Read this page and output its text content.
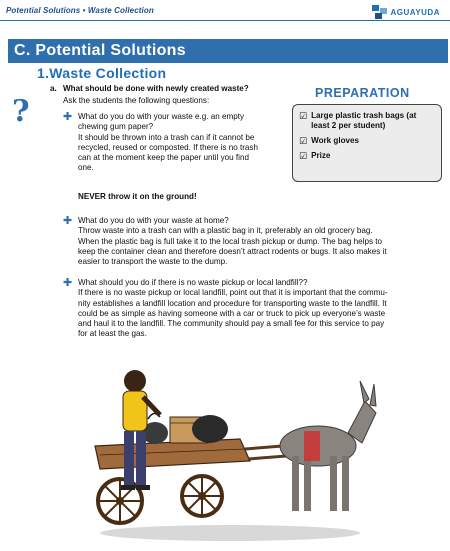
Potential Solutions • Waste Collection	AGUAYUDA
C. Potential Solutions
1.Waste Collection
?
a. What should be done with newly created waste?
Ask the students the following questions:
✚ What do you do with your waste e.g. an empty
chewing gum paper?
It should be thrown into a trash can if it cannot be
recycled, reused or composted. If there is no trash
can at the moment keep the paper until you find
one.
NEVER throw it on the ground!
✚ What do you do with your waste at home?
Throw waste into a trash can with a plastic bag in it, preferably an old grocery bag.
When the plastic bag is full take it to the local trash pickup or dump. The bag helps to
keep the container clean and therefore doesn’t attract rodents or bugs. It also makes it
easier to transport the waste to the dump.
✚ What should you do if there is no waste pickup or local landfill??
If there is no waste pickup or local landfill, point out that it is important that the commu-
nity establishes a landfill location and procedure for transporting waste to the landfill. It
could be as simple as having someone with a car or truck to pick up everyone’s waste
and haul it to the landfill. The community should pay a small fee for this service to pay
for at least the gas.
PREPARATION
☑ Large plastic trash bags (at least 2 per student)
☑ Work gloves
☑ Prize
